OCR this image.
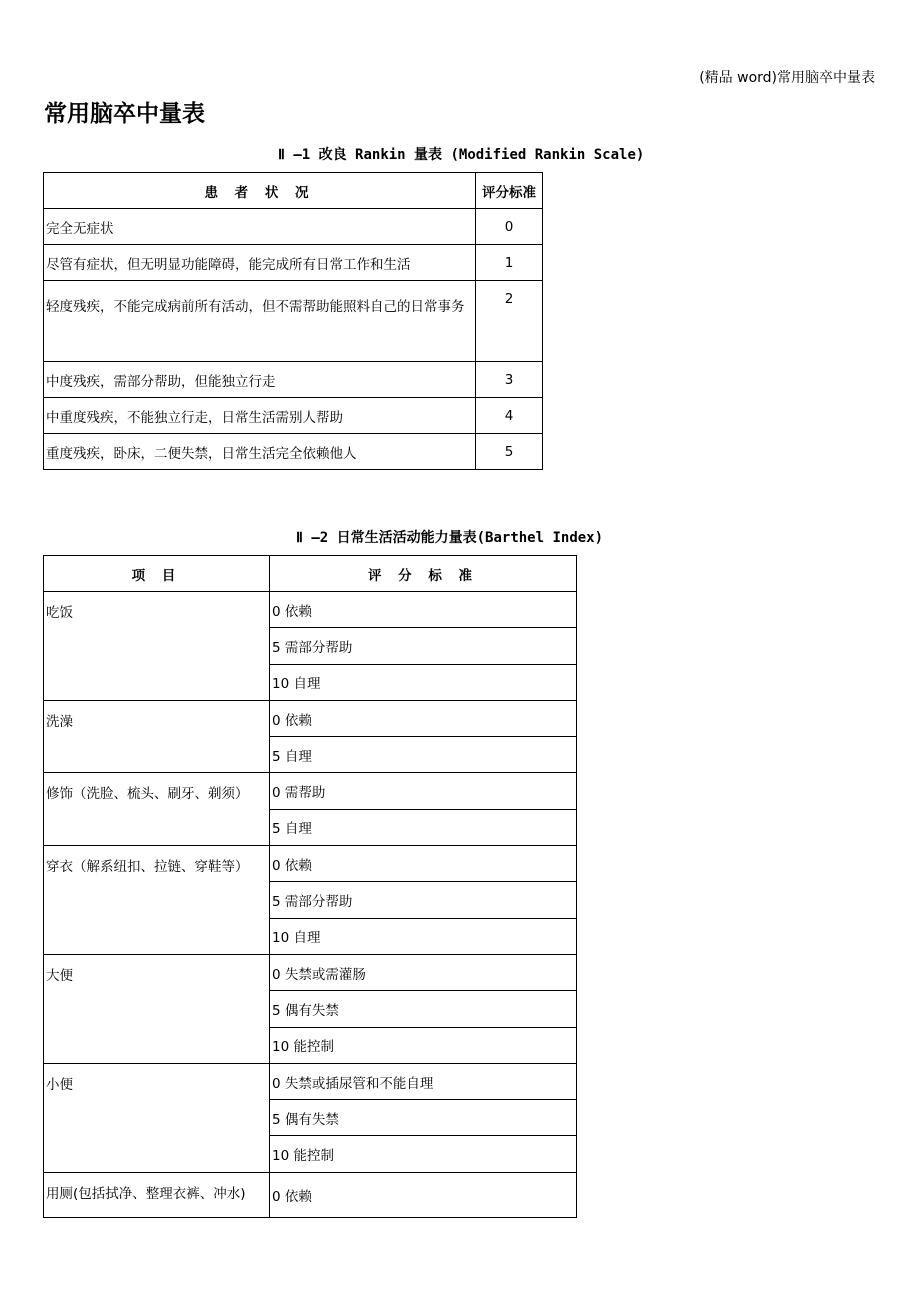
(精品 word)常用脑卒中量表
常用脑卒中量表
Ⅱ —1 改良 Rankin 量表 (Modified Rankin Scale)
患 者 状 况	评分标准
完全无症状	0
尽管有症状，但无明显功能障碍，能完成所有日常工作和生活	1
轻度残疾，不能完成病前所有活动，但不需帮助能照料自己的日常事务	2
中度残疾，需部分帮助，但能独立行走	3
中重度残疾，不能独立行走，日常生活需别人帮助	4
重度残疾，卧床，二便失禁，日常生活完全依赖他人	5
Ⅱ —2 日常生活活动能力量表(Barthel Index)
项 目	评 分 标 准
吃饭	0 依赖
	5 需部分帮助
	10 自理
洗澡	0 依赖
	5 自理
修饰（洗脸、梳头、刷牙、剃须）	0 需帮助
	5 自理
穿衣（解系纽扣、拉链、穿鞋等）	0 依赖
	5 需部分帮助
	10 自理
大便	0 失禁或需灌肠
	5 偶有失禁
	10 能控制
小便	0 失禁或插尿管和不能自理
	5 偶有失禁
	10 能控制
用厕(包括拭净、整理衣裤、冲水)	0 依赖
